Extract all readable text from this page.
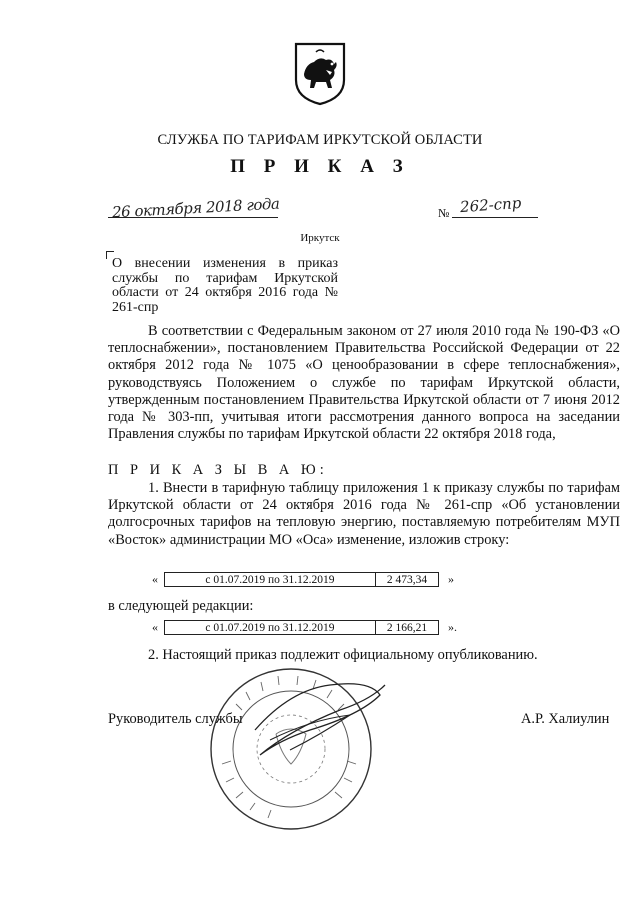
СЛУЖБА ПО ТАРИФАМ ИРКУТСКОЙ ОБЛАСТИ
П Р И К А З
26 октября 2018 года	№ 262-спр
Иркутск
О внесении изменения в приказ службы по тарифам Иркутской области от 24 октября 2016 года № 261-спр
В соответствии с Федеральным законом от 27 июля 2010 года № 190-ФЗ «О теплоснабжении», постановлением Правительства Российской Федерации от 22 октября 2012 года № 1075 «О ценообразовании в сфере теплоснабжения», руководствуясь Положением о службе по тарифам Иркутской области, утвержденным постановлением Правительства Иркутской области от 7 июня 2012 года № 303-пп, учитывая итоги рассмотрения данного вопроса на заседании Правления службы по тарифам Иркутской области 22 октября 2018 года,
П Р И К А З Ы В А Ю:
1. Внести в тарифную таблицу приложения 1 к приказу службы по тарифам Иркутской области от 24 октября 2016 года № 261-спр «Об установлении долгосрочных тарифов на тепловую энергию, поставляемую потребителям МУП «Восток» администрации МО «Оса» изменение, изложив строку:
«	с 01.07.2019 по 31.12.2019	2 473,34	»
в следующей редакции:
«	с 01.07.2019 по 31.12.2019	2 166,21	».
2. Настоящий приказ подлежит официальному опубликованию.
Руководитель службы	А.Р. Халиулин
